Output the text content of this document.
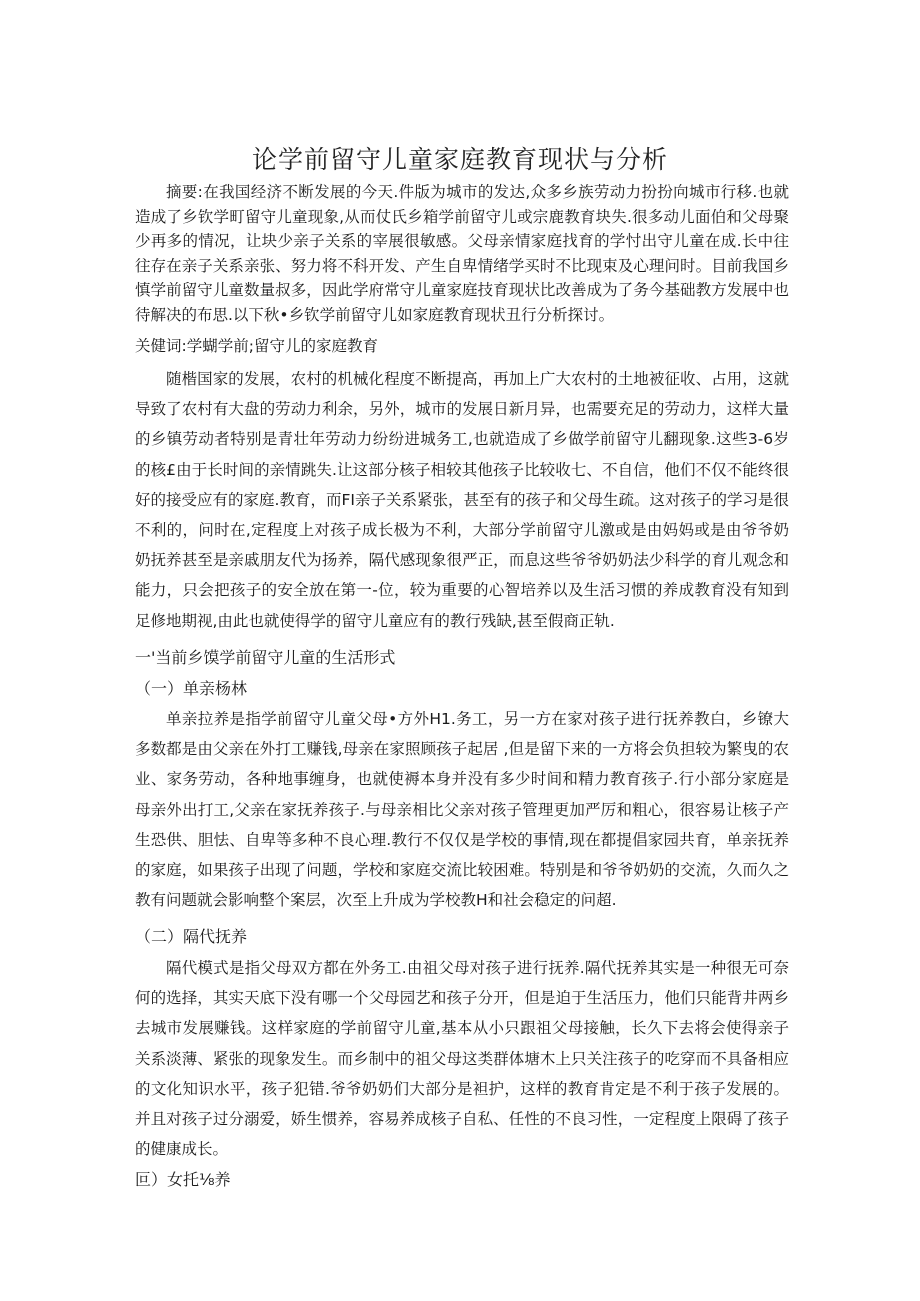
论学前留守儿童家庭教育现状与分析
摘要:在我国经济不断发展的今天.件版为城市的发达,众多乡族劳动力扮扮向城市行移.也就造成了乡钦学町留守儿童现象,从而仗氏乡箱学前留守儿或宗鹿教育块失.很多动儿面伯和父母聚少再多的情况，让块少亲子关系的宰展很敏感。父母亲情家庭找育的学忖出守儿童在成.长中往往存在亲子关系亲张、努力将不科开发、产生自卑情绪学买时不比现束及心理问时。目前我国乡慎学前留守儿童数量叔多，因此学府常守儿童家庭技育现状比改善成为了务今基础教方发展中也待解决的布思.以下秋•乡钦学前留守儿如家庭教育现状丑行分析探讨。
关健词:学蝴学前;留守儿的家庭教育
随楷国家的发展，农村的机械化程度不断提高，再加上广大农村的土地被征收、占用，这就导致了农村有大盘的劳动力利余，另外，城市的发展日新月异，也需要充足的劳动力，这样大量的乡镇劳动者特别是青壮年劳动力纷纷进城务工,也就造成了乡做学前留守儿翻现象.这些3-6岁的核£由于长时间的亲情跳失.让这部分核子相较其他孩子比较收七、不自信，他们不仅不能终很好的接受应有的家庭.教育，而FI亲子关系紧张，甚至有的孩子和父母生疏。这对孩子的学习是很不利的，问时在,定程度上对孩子成长极为不利，大部分学前留守儿激或是由妈妈或是由爷爷奶奶抚养甚至是亲戚朋友代为扬养，隔代感现象很严正，而息这些爷爷奶奶法少科学的育儿观念和能力，只会把孩子的安全放在第一-位，较为重要的心智培养以及生活习惯的养成教育没有知到足修地期视,由此也就使得学的留守儿童应有的教行残缺,甚至假商正轨.
一'当前乡馍学前留守儿童的生活形式
（一）单亲杨林
单亲拉养是指学前留守儿童父母•方外H1.务工，另一方在家对孩子进行抚养教白，乡镣大多数都是由父亲在外打工赚钱,母亲在家照顾孩子起居 ,但是留下来的一方将会负担较为繁曳的农业、家务劳动，各种地事缠身，也就使褥本身并没有多少时间和精力教育孩子.行小部分家庭是母亲外出打工,父亲在家抚养孩子.与母亲相比父亲对孩子管理更加严厉和粗心，很容易让核子产生恐供、胆怯、自卑等多种不良心理.教行不仅仅是学校的事情,现在都提倡家园共育，单亲抚养的家庭，如果孩子出现了问题，学校和家庭交流比较困难。特别是和爷爷奶奶的交流，久而久之教有问题就会影响整个案层，次至上升成为学校教H和社会稳定的问超.
（二）隔代抚养
隔代模式是指父母双方都在外务工.由祖父母对孩子进行抚养.隔代抚养其实是一种很无可奈何的选择，其实天底下没有哪一个父母园艺和孩子分开，但是迫于生活压力，他们只能背井两乡去城市发展赚钱。这样家庭的学前留守儿童,基本从小只跟祖父母接触，长久下去将会使得亲子关系淡薄、紧张的现象发生。而乡制中的祖父母这类群体塘木上只关注孩子的吃穿而不具备相应的文化知识水平，孩子犯错.爷爷奶奶们大部分是袒护，这样的教育肯定是不利于孩子发展的。并且对孩子过分溺爱，娇生惯养，容易养成核子自私、任性的不良习性，一定程度上限碍了孩子的健康成长。
叵）女托⅛养
